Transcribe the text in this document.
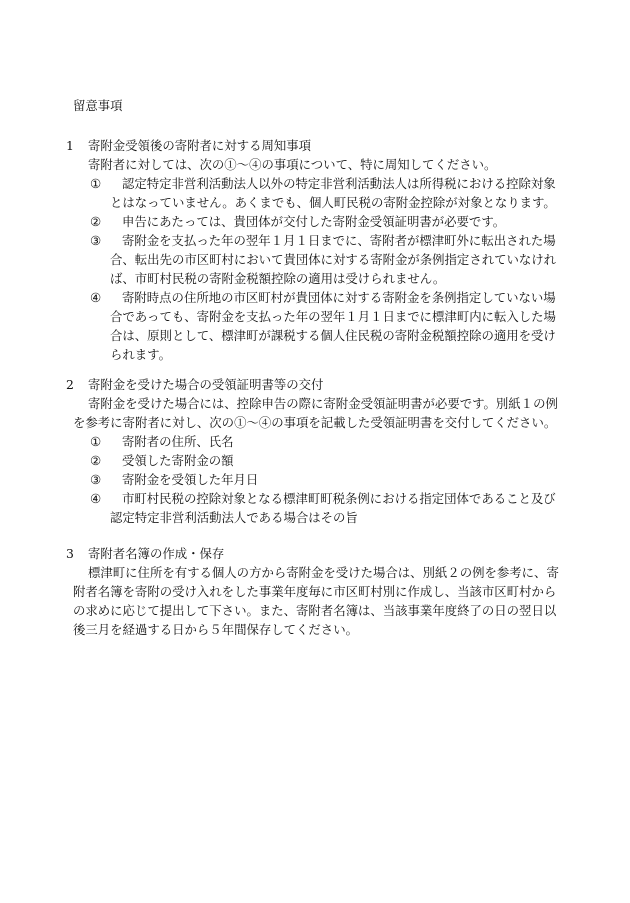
留意事項
1 寄附金受領後の寄附者に対する周知事項
寄附者に対しては、次の①～④の事項について、特に周知してください。
① 認定特定非営利活動法人以外の特定非営利活動法人は所得税における控除対象
とはなっていません。あくまでも、個人町民税の寄附金控除が対象となります。
② 申告にあたっては、貴団体が交付した寄附金受領証明書が必要です。
③ 寄附金を支払った年の翌年１月１日までに、寄附者が標津町外に転出された場
合、転出先の市区町村において貴団体に対する寄附金が条例指定されていなけれ
ば、市町村民税の寄附金税額控除の適用は受けられません。
④ 寄附時点の住所地の市区町村が貴団体に対する寄附金を条例指定していない場
合であっても、寄附金を支払った年の翌年１月１日までに標津町内に転入した場
合は、原則として、標津町が課税する個人住民税の寄附金税額控除の適用を受け
られます。
2 寄附金を受けた場合の受領証明書等の交付
寄附金を受けた場合には、控除申告の際に寄附金受領証明書が必要です。別紙１の例
を参考に寄附者に対し、次の①～④の事項を記載した受領証明書を交付してください。
① 寄附者の住所、氏名
② 受領した寄附金の額
③ 寄附金を受領した年月日
④ 市町村民税の控除対象となる標津町町税条例における指定団体であること及び
認定特定非営利活動法人である場合はその旨
3 寄附者名簿の作成・保存
標津町に住所を有する個人の方から寄附金を受けた場合は、別紙２の例を参考に、寄
附者名簿を寄附の受け入れをした事業年度毎に市区町村別に作成し、当該市区町村から
の求めに応じて提出して下さい。また、寄附者名簿は、当該事業年度終了の日の翌日以
後三月を経過する日から５年間保存してください。
